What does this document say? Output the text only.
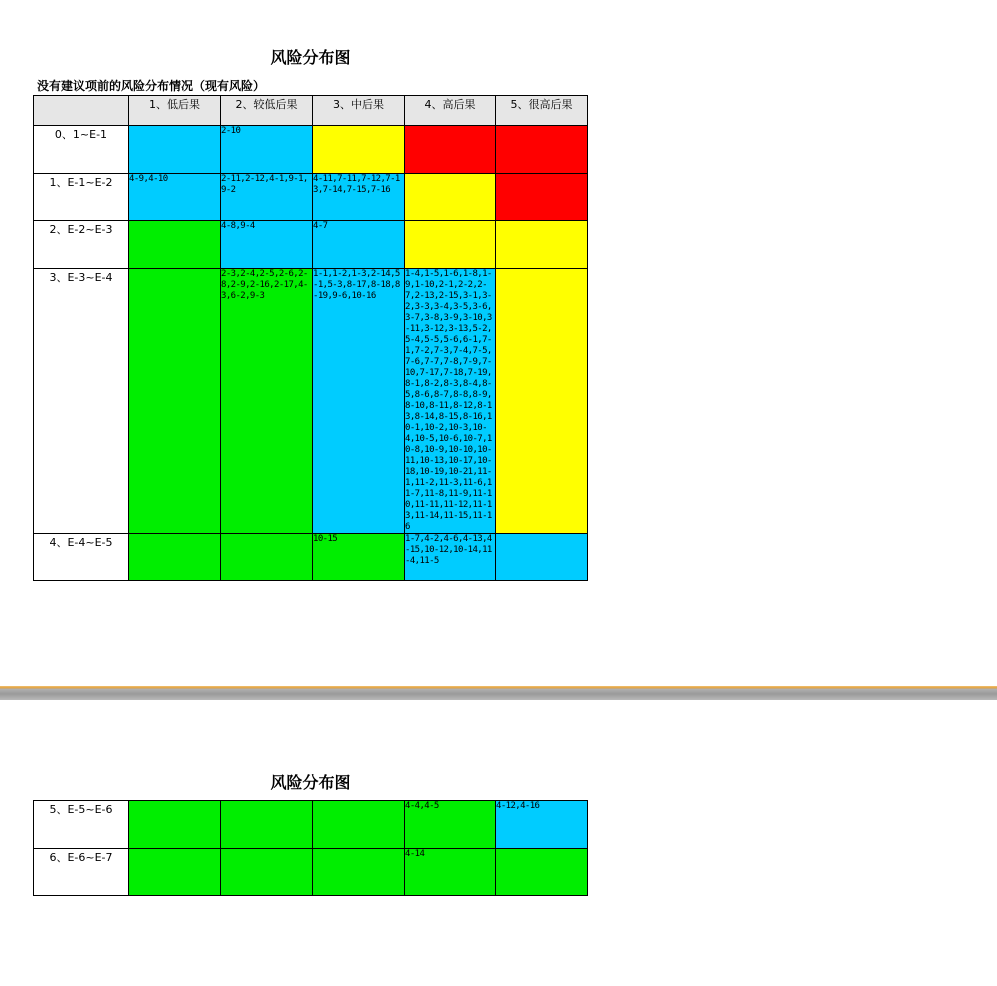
风险分布图
没有建议项前的风险分布情况（现有风险）
	1、低后果	2、较低后果	3、中后果	4、高后果	5、很高后果
0、1~E-1		2-10			
1、E-1~E-2	4-9,4-10	2-11,2-12,4-1,9-1,9-2	4-11,7-11,7-12,7-13,7-14,7-15,7-16		
2、E-2~E-3		4-8,9-4	4-7		
3、E-3~E-4		2-3,2-4,2-5,2-6,2-8,2-9,2-16,2-17,4-3,6-2,9-3	1-1,1-2,1-3,2-14,5-1,5-3,8-17,8-18,8-19,9-6,10-16	1-4,1-5,1-6,1-8,1-9,1-10,2-1,2-2,2-7,2-13,2-15,3-1,3-2,3-3,3-4,3-5,3-6,3-7,3-8,3-9,3-10,3-11,3-12,3-13,5-2,5-4,5-5,5-6,6-1,7-1,7-2,7-3,7-4,7-5,7-6,7-7,7-8,7-9,7-10,7-17,7-18,7-19,8-1,8-2,8-3,8-4,8-5,8-6,8-7,8-8,8-9,8-10,8-11,8-12,8-13,8-14,8-15,8-16,10-1,10-2,10-3,10-4,10-5,10-6,10-7,10-8,10-9,10-10,10-11,10-13,10-17,10-18,10-19,10-21,11-1,11-2,11-3,11-6,11-7,11-8,11-9,11-10,11-11,11-12,11-13,11-14,11-15,11-16	
4、E-4~E-5			10-15	1-7,4-2,4-6,4-13,4-15,10-12,10-14,11-4,11-5	
风险分布图
5、E-5~E-6				4-4,4-5	4-12,4-16
6、E-6~E-7				4-14	
